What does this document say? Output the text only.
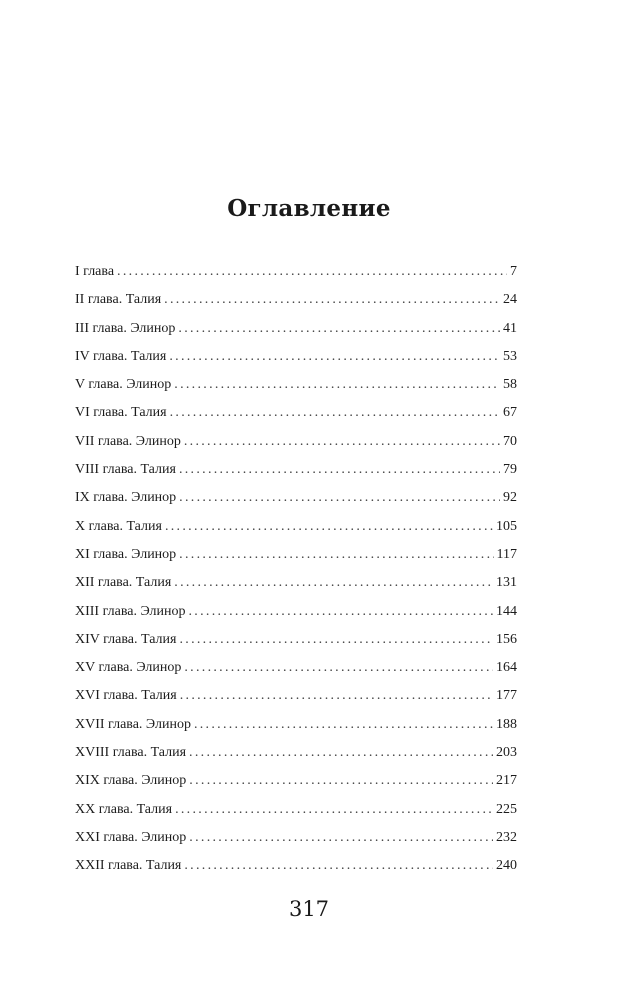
Оглавление
I глава . . .	7
II глава. Талия . . .	24
III глава. Элинор . . .	41
IV глава. Талия . . .	53
V глава. Элинор . . .	58
VI глава. Талия . . .	67
VII глава. Элинор . . .	70
VIII глава. Талия . . .	79
IX глава. Элинор . . .	92
X глава. Талия . . .	105
XI глава. Элинор . . .	117
XII глава. Талия . . .	131
XIII глава. Элинор . . .	144
XIV глава. Талия . . .	156
XV глава. Элинор . . .	164
XVI глава. Талия . . .	177
XVII глава. Элинор . . .	188
XVIII глава. Талия . . .	203
XIX глава. Элинор . . .	217
XX глава. Талия . . .	225
XXI глава. Элинор . . .	232
XXII глава. Талия . . .	240
317
